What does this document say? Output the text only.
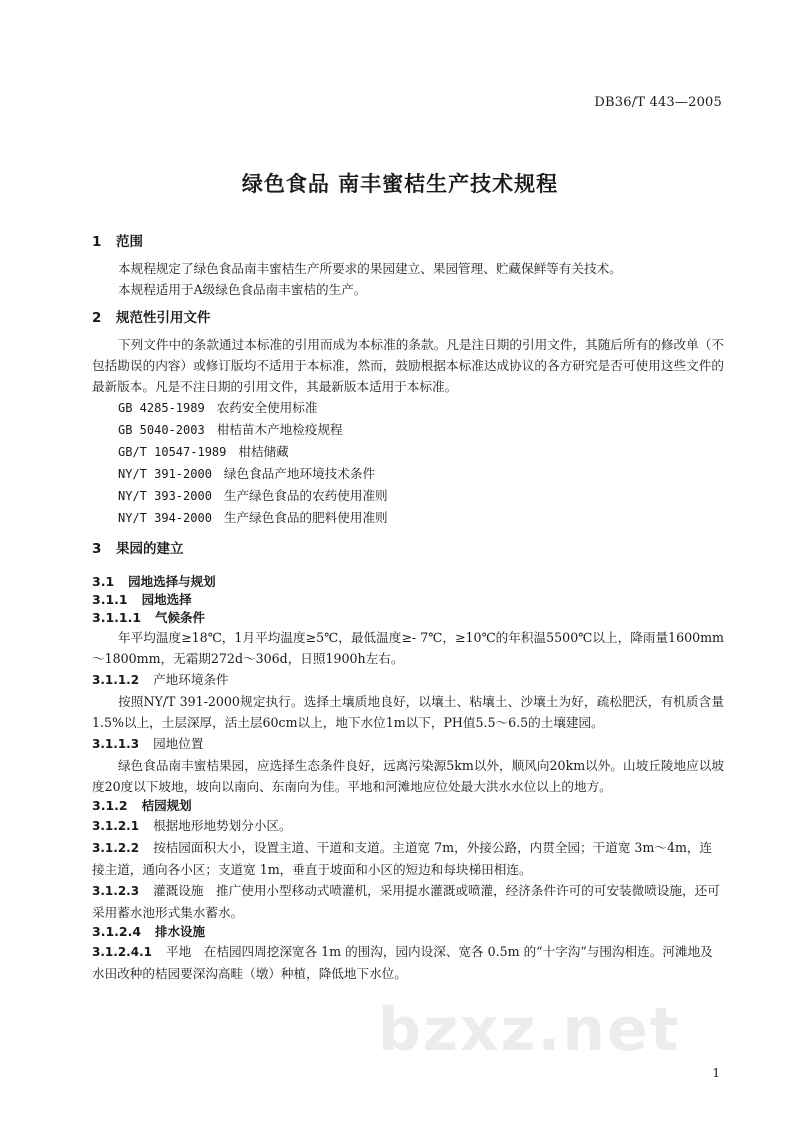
DB36/T 443—2005
绿色食品 南丰蜜桔生产技术规程
1 范围

本规程规定了绿色食品南丰蜜桔生产所要求的果园建立、果园管理、贮藏保鲜等有关技术。

本规程适用于A级绿色食品南丰蜜桔的生产。

2 规范性引用文件

下列文件中的条款通过本标准的引用而成为本标准的条款。凡是注日期的引用文件，其随后所有的修改单（不包括勘误的内容）或修订版均不适用于本标准，然而，鼓励根据本标准达成协议的各方研究是否可使用这些文件的最新版本。凡是不注日期的引用文件，其最新版本适用于本标准。

GB 4285-1989 农药安全使用标准
GB 5040-2003 柑桔苗木产地检疫规程
GB/T 10547-1989 柑桔储藏
NY/T 391-2000 绿色食品产地环境技术条件
NY/T 393-2000 生产绿色食品的农药使用准则
NY/T 394-2000 生产绿色食品的肥料使用准则
3 果园的建立
3.1 园地选择与规划
3.1.1 园地选择
3.1.1.1 气候条件

年平均温度≥18℃，1月平均温度≥5℃，最低温度≥- 7℃，≥10℃的年积温5500℃以上，降雨量1600mm～1800mm，无霜期272d～306d，日照1900h左右。

3.1.1.2 产地环境条件

按照NY/T 391-2000规定执行。选择土壤质地良好，以壤土、粘壤土、沙壤土为好，疏松肥沃，有机质含量1.5%以上，土层深厚，活土层60cm以上，地下水位1m以下，PH值5.5～6.5的土壤建园。

3.1.1.3 园地位置

绿色食品南丰蜜桔果园，应选择生态条件良好，远离污染源5km以外，顺风向20km以外。山坡丘陵地应以坡度20度以下坡地，坡向以南向、东南向为佳。平地和河滩地应位处最大洪水水位以上的地方。

3.1.2 桔园规划
3.1.2.1 根据地形地势划分小区。
3.1.2.2 按桔园面积大小，设置主道、干道和支道。主道宽 7m，外接公路，内贯全园；干道宽 3m～4m，连接主道，通向各小区；支道宽 1m，垂直于坡面和小区的短边和每块梯田相连。
3.1.2.3 灌溉设施　推广使用小型移动式喷灌机，采用提水灌溉或喷灌，经济条件许可的可安装微喷设施，还可采用蓄水池形式集水蓄水。
3.1.2.4 排水设施
3.1.2.4.1 平地　在桔园四周挖深宽各 1m 的围沟，园内设深、宽各 0.5m 的“十字沟”与围沟相连。河滩地及水田改种的桔园要深沟高畦（墩）种植，降低地下水位。
bzxz.net
1
